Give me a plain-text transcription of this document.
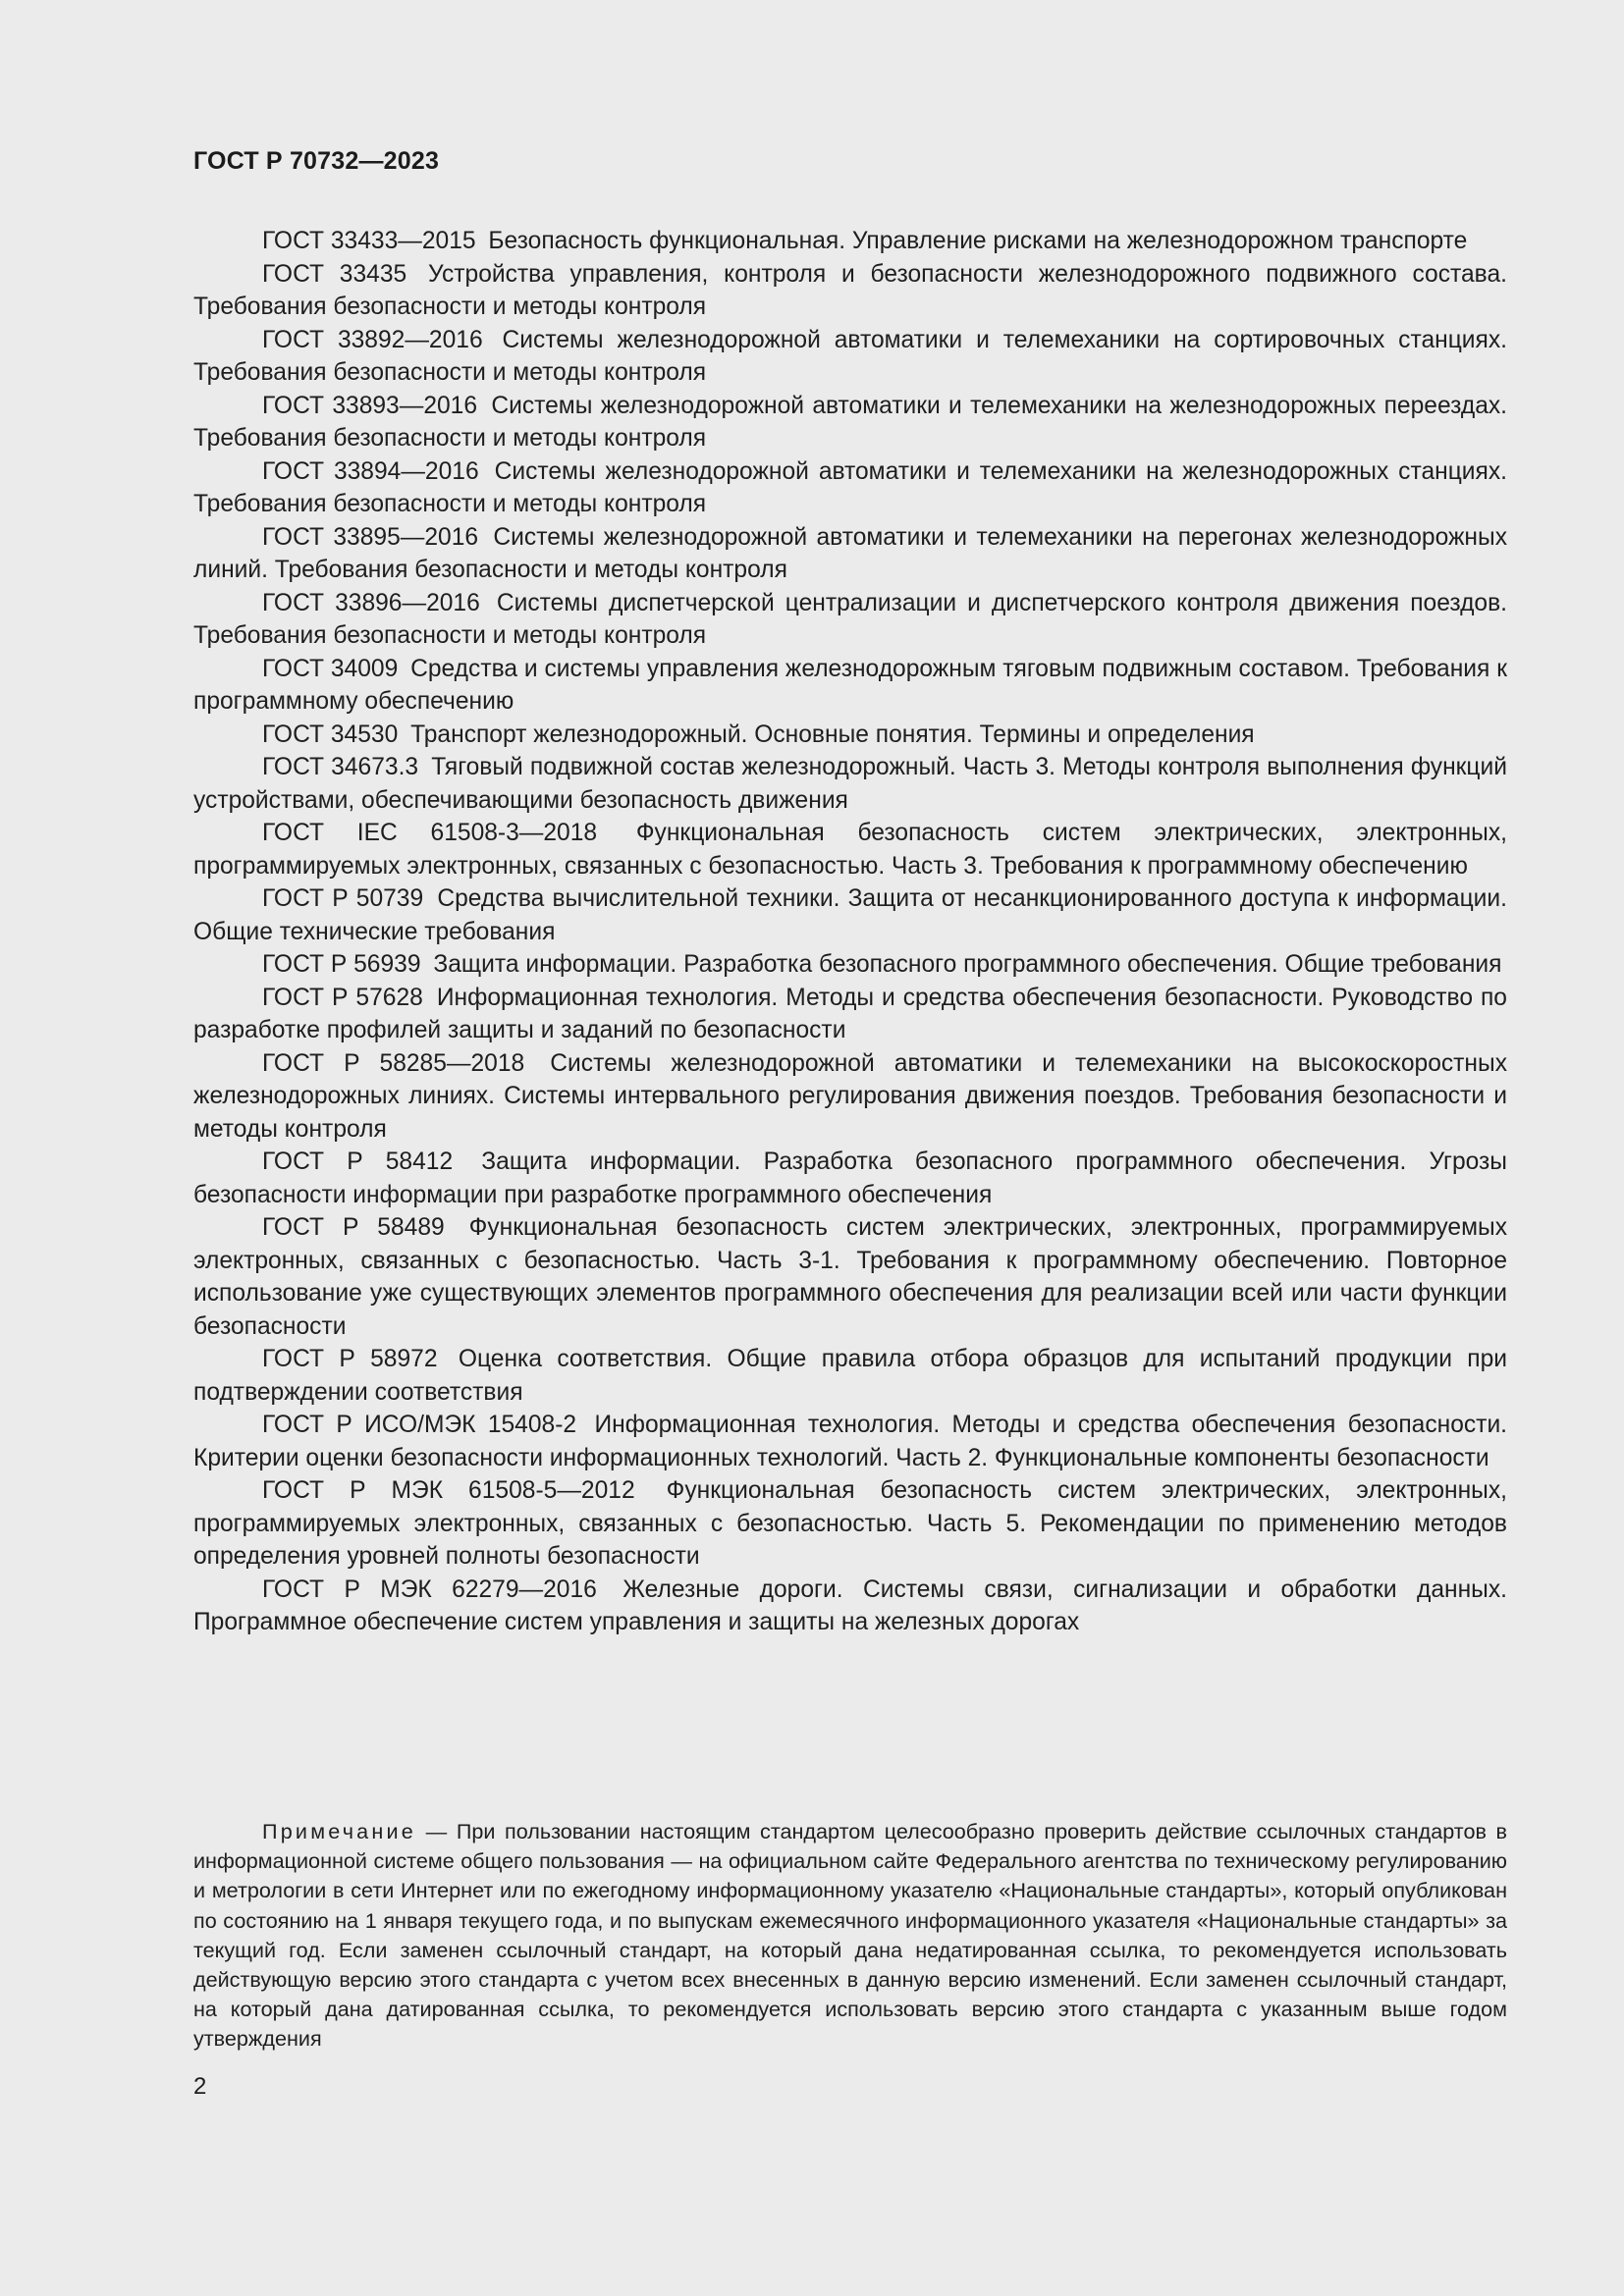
ГОСТ Р 70732—2023

ГОСТ 33433—2015 Безопасность функциональная. Управление рисками на железнодорожном транспорте

ГОСТ 33435 Устройства управления, контроля и безопасности железнодорожного подвижного состава. Требования безопасности и методы контроля

ГОСТ 33892—2016 Системы железнодорожной автоматики и телемеханики на сортировочных станциях. Требования безопасности и методы контроля

ГОСТ 33893—2016 Системы железнодорожной автоматики и телемеханики на железнодорожных переездах. Требования безопасности и методы контроля

ГОСТ 33894—2016 Системы железнодорожной автоматики и телемеханики на железнодорожных станциях. Требования безопасности и методы контроля

ГОСТ 33895—2016 Системы железнодорожной автоматики и телемеханики на перегонах железнодорожных линий. Требования безопасности и методы контроля

ГОСТ 33896—2016 Системы диспетчерской централизации и диспетчерского контроля движения поездов. Требования безопасности и методы контроля

ГОСТ 34009 Средства и системы управления железнодорожным тяговым подвижным составом. Требования к программному обеспечению

ГОСТ 34530 Транспорт железнодорожный. Основные понятия. Термины и определения

ГОСТ 34673.3 Тяговый подвижной состав железнодорожный. Часть 3. Методы контроля выполнения функций устройствами, обеспечивающими безопасность движения

ГОСТ IEC 61508-3—2018 Функциональная безопасность систем электрических, электронных, программируемых электронных, связанных с безопасностью. Часть 3. Требования к программному обеспечению

ГОСТ Р 50739 Средства вычислительной техники. Защита от несанкционированного доступа к информации. Общие технические требования

ГОСТ Р 56939 Защита информации. Разработка безопасного программного обеспечения. Общие требования

ГОСТ Р 57628 Информационная технология. Методы и средства обеспечения безопасности. Руководство по разработке профилей защиты и заданий по безопасности

ГОСТ Р 58285—2018 Системы железнодорожной автоматики и телемеханики на высокоскоростных железнодорожных линиях. Системы интервального регулирования движения поездов. Требования безопасности и методы контроля

ГОСТ Р 58412 Защита информации. Разработка безопасного программного обеспечения. Угрозы безопасности информации при разработке программного обеспечения

ГОСТ Р 58489 Функциональная безопасность систем электрических, электронных, программируемых электронных, связанных с безопасностью. Часть 3-1. Требования к программному обеспечению. Повторное использование уже существующих элементов программного обеспечения для реализации всей или части функции безопасности

ГОСТ Р 58972 Оценка соответствия. Общие правила отбора образцов для испытаний продукции при подтверждении соответствия

ГОСТ Р ИСО/МЭК 15408-2 Информационная технология. Методы и средства обеспечения безопасности. Критерии оценки безопасности информационных технологий. Часть 2. Функциональные компоненты безопасности

ГОСТ Р МЭК 61508-5—2012 Функциональная безопасность систем электрических, электронных, программируемых электронных, связанных с безопасностью. Часть 5. Рекомендации по применению методов определения уровней полноты безопасности

ГОСТ Р МЭК 62279—2016 Железные дороги. Системы связи, сигнализации и обработки данных. Программное обеспечение систем управления и защиты на железных дорогах

Примечание — При пользовании настоящим стандартом целесообразно проверить действие ссылочных стандартов в информационной системе общего пользования — на официальном сайте Федерального агентства по техническому регулированию и метрологии в сети Интернет или по ежегодному информационному указателю «Национальные стандарты», который опубликован по состоянию на 1 января текущего года, и по выпускам ежемесячного информационного указателя «Национальные стандарты» за текущий год. Если заменен ссылочный стандарт, на который дана недатированная ссылка, то рекомендуется использовать действующую версию этого стандарта с учетом всех внесенных в данную версию изменений. Если заменен ссылочный стандарт, на который дана датированная ссылка, то рекомендуется использовать версию этого стандарта с указанным выше годом утверждения

2
